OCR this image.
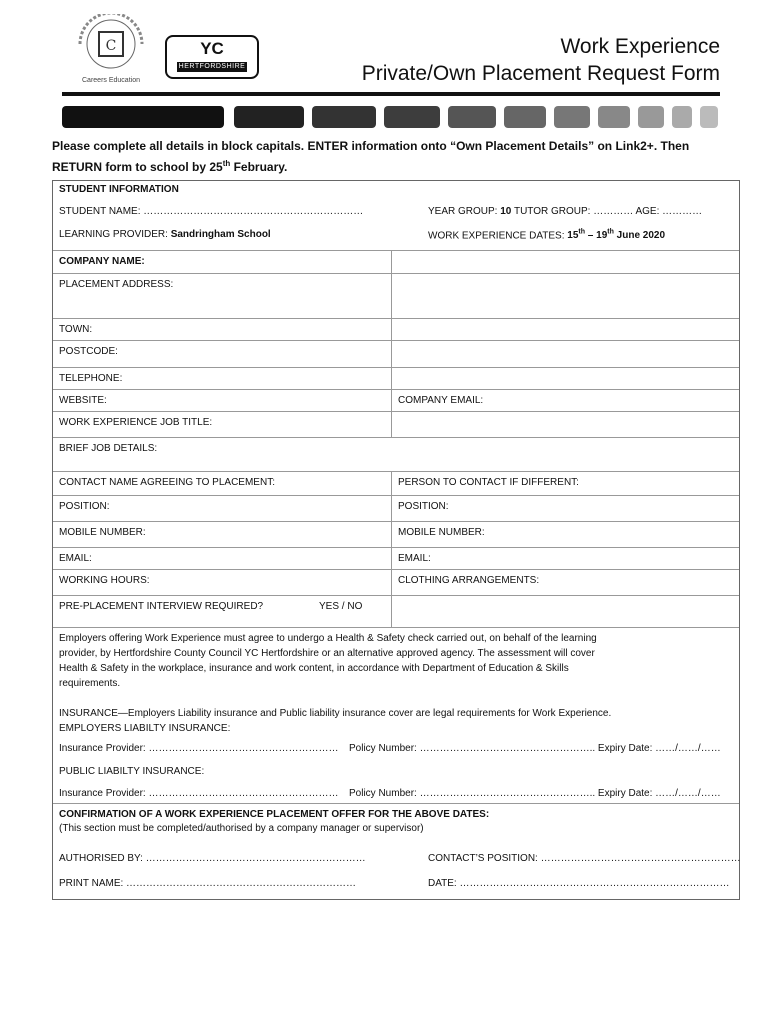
C
Careers Education
YC
HERTFORDSHIRE
Work Experience
Private/Own Placement Request Form
Please complete all details in block capitals. ENTER information onto “Own Placement Details” on Link2+. Then
RETURN form to school by 25th February.
STUDENT INFORMATION
STUDENT NAME: …………………………………………………………	YEAR GROUP: 10 TUTOR GROUP: ………… AGE: …………
LEARNING PROVIDER: Sandringham School	WORK EXPERIENCE DATES: 15th – 19th June 2020
COMPANY NAME:
PLACEMENT ADDRESS:
TOWN:
POSTCODE:
TELEPHONE:
WEBSITE:	COMPANY EMAIL:
WORK EXPERIENCE JOB TITLE:
BRIEF JOB DETAILS:
CONTACT NAME AGREEING TO PLACEMENT:	PERSON TO CONTACT IF DIFFERENT:
POSITION:	POSITION:
MOBILE NUMBER:	MOBILE NUMBER:
EMAIL:	EMAIL:
WORKING HOURS:	CLOTHING ARRANGEMENTS:
PRE-PLACEMENT INTERVIEW REQUIRED?	YES / NO
Employers offering Work Experience must agree to undergo a Health & Safety check carried out, on behalf of the learning
provider, by Hertfordshire County Council YC Hertfordshire or an alternative approved agency. The assessment will cover
Health & Safety in the workplace, insurance and work content, in accordance with Department of Education & Skills
requirements.
INSURANCE—Employers Liability insurance and Public liability insurance cover are legal requirements for Work Experience.
EMPLOYERS LIABILTY INSURANCE:
Insurance Provider: ………………………………………………… Policy Number: …………………………………………….. Expiry Date: ……/……/……
PUBLIC LIABILTY INSURANCE:
Insurance Provider: ………………………………………………… Policy Number: …………………………………………….. Expiry Date: ……/……/……
CONFIRMATION OF A WORK EXPERIENCE PLACEMENT OFFER FOR THE ABOVE DATES:
(This section must be completed/authorised by a company manager or supervisor)
AUTHORISED BY: …………………………………………………………	CONTACT’S POSITION: ……………………………………………………
PRINT NAME: ……………………………………………………………	DATE: ………………………………………………………………………
